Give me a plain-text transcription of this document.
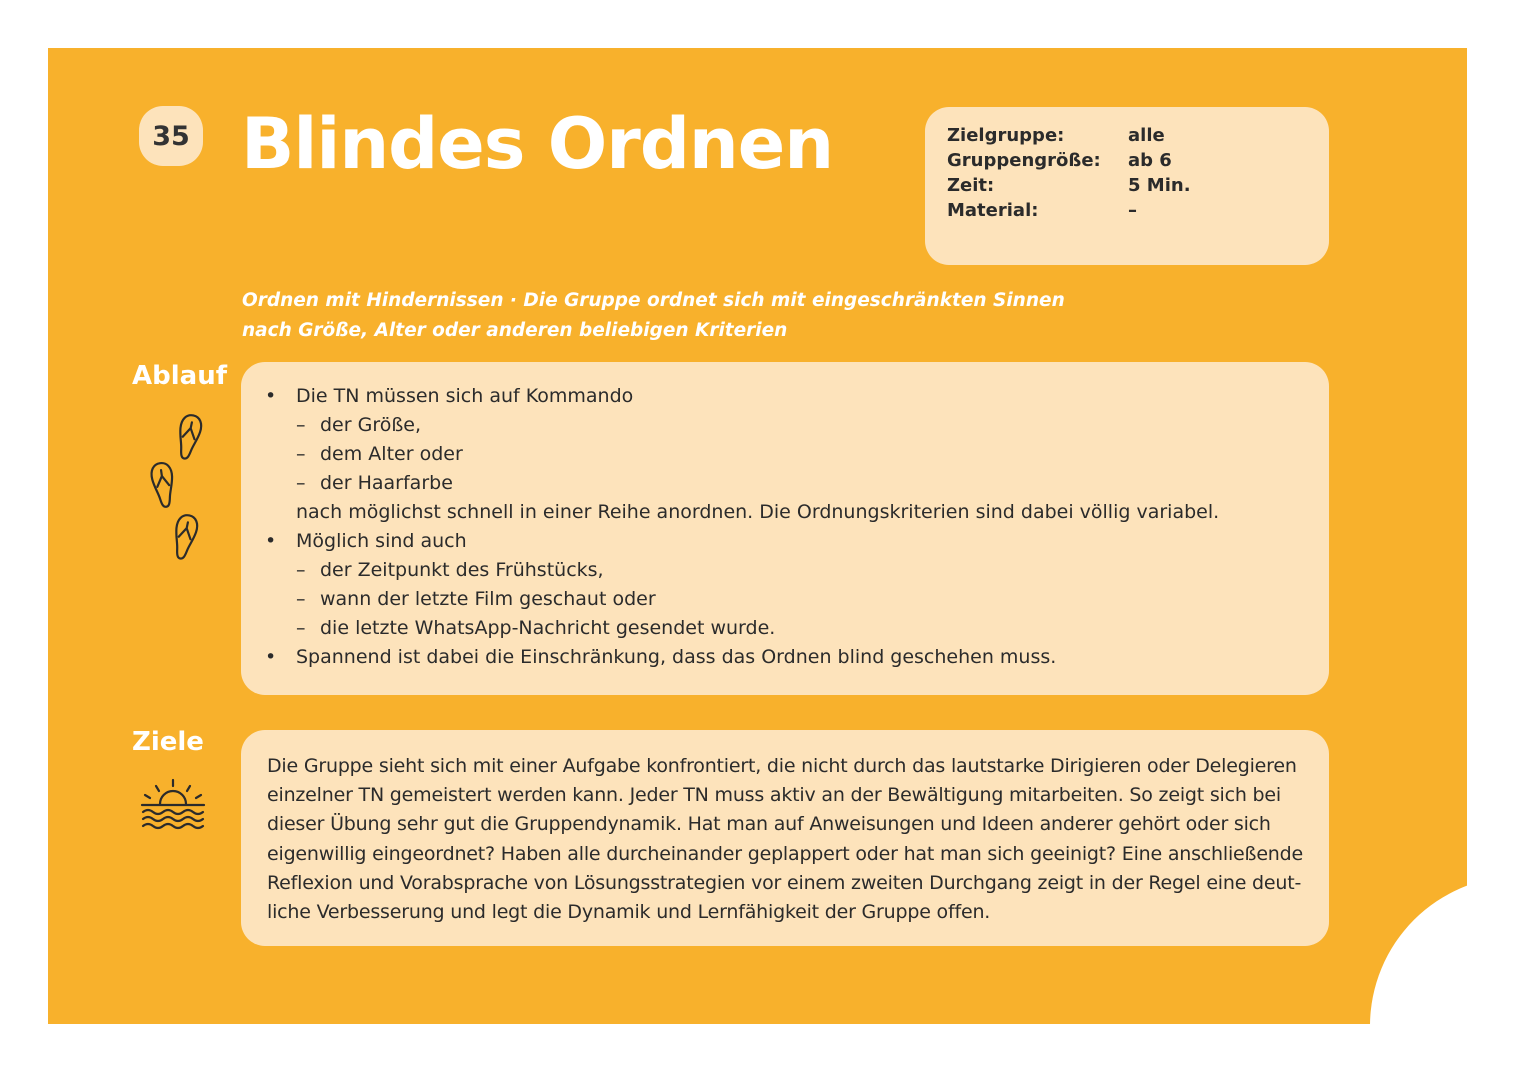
35 Blindes Ordnen	Zielgruppe:	alle
Gruppengröße:	ab 6
Zeit:	5 Min.
Material:	–
Ordnen mit Hindernissen · Die Gruppe ordnet sich mit eingeschränkten Sinnen
nach Größe, Alter oder anderen beliebigen Kriterien
Ablauf
• Die TN müssen sich auf Kommando
– der Größe,
– dem Alter oder
– der Haarfarbe
nach möglichst schnell in einer Reihe anordnen. Die Ordnungskriterien sind dabei völlig variabel.
• Möglich sind auch
– der Zeitpunkt des Frühstücks,
– wann der letzte Film geschaut oder
– die letzte WhatsApp-Nachricht gesendet wurde.
• Spannend ist dabei die Einschränkung, dass das Ordnen blind geschehen muss.
Ziele

Die Gruppe sieht sich mit einer Aufgabe konfrontiert, die nicht durch das lautstarke Dirigieren oder Delegieren
einzelner TN gemeistert werden kann. Jeder TN muss aktiv an der Bewältigung mitarbeiten. So zeigt sich bei
dieser Übung sehr gut die Gruppendynamik. Hat man auf Anweisungen und Ideen anderer gehört oder sich
eigenwillig eingeordnet? Haben alle durcheinander geplappert oder hat man sich geeinigt? Eine anschließende
Reflexion und Vorabsprache von Lösungsstrategien vor einem zweiten Durchgang zeigt in der Regel eine deut-
liche Verbesserung und legt die Dynamik und Lernfähigkeit der Gruppe offen.

Teamergizer
